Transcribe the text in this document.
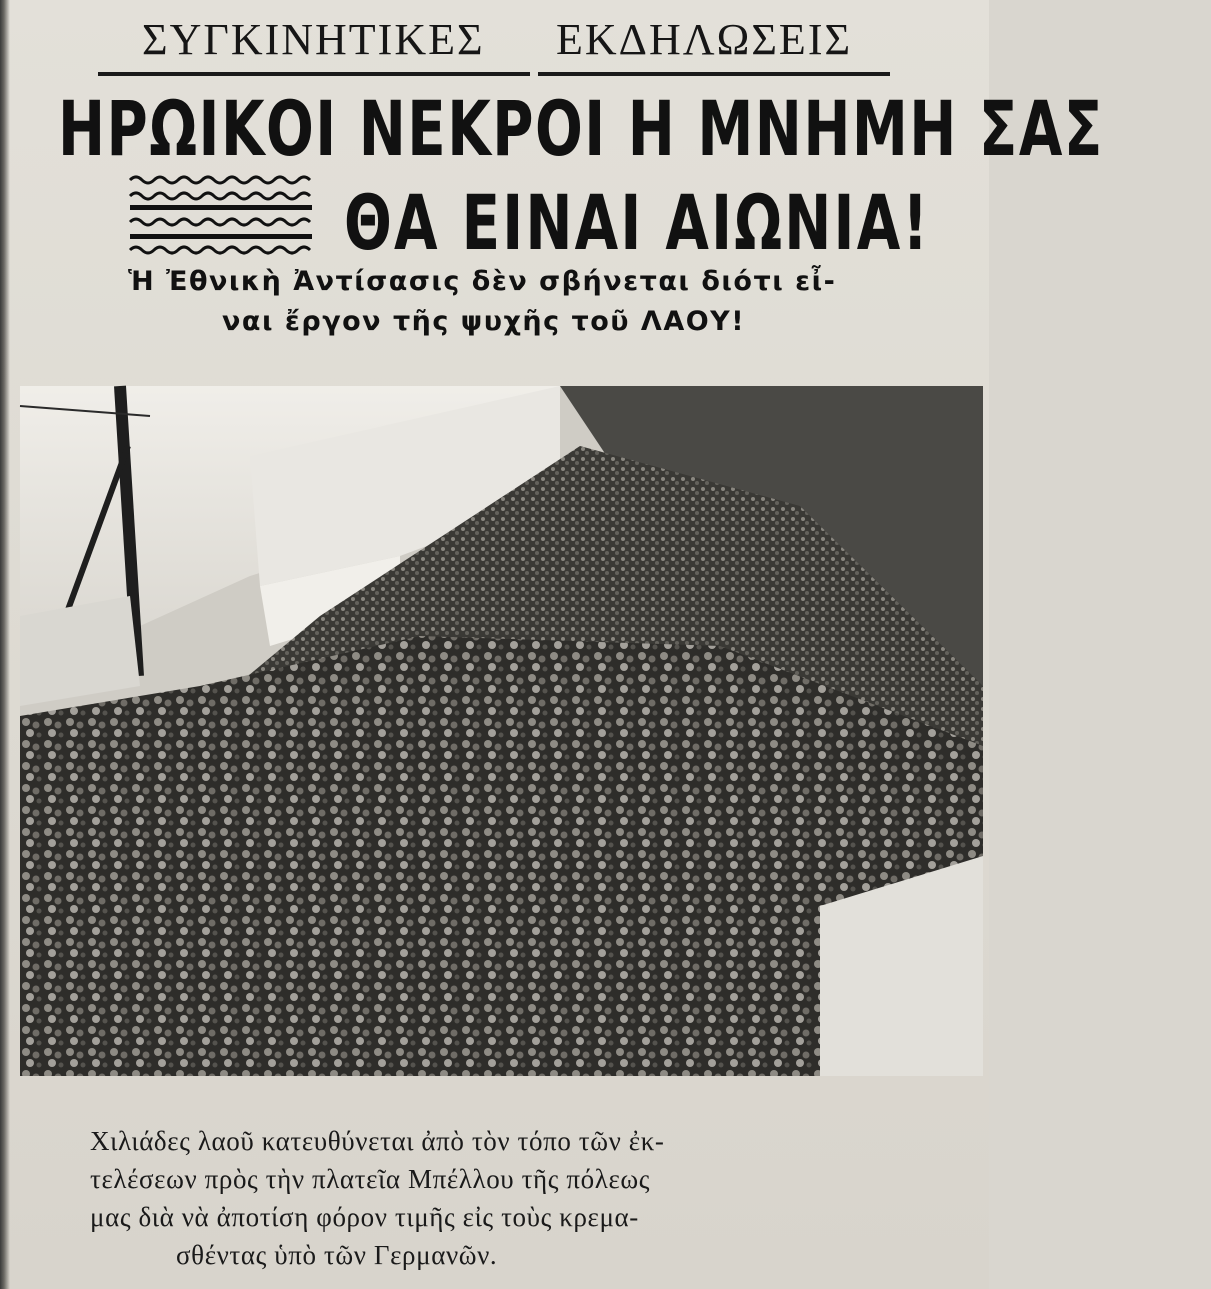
ΣΥΓΚΙΝΗΤΙΚΕΣ ΕΚΔΗΛΩΣΕΙΣ
ΗΡΩΙΚΟΙ ΝΕΚΡΟΙ Η ΜΝΗΜΗ ΣΑΣ
ΘΑ ΕΙΝΑΙ ΑΙΩΝΙΑ!
Ἡ Ἐθνικὴ Ἀντίσασις δὲν σβήνεται διότι εἶ-
ναι ἔργον τῆς ψυχῆς τοῦ ΛΑΟΥ!
Χιλιάδες λαοῦ κατευθύνεται ἀπὸ τὸν τόπο τῶν ἐκ-
τελέσεων πρὸς τὴν πλατεῖα Μπέλλου τῆς πόλεως
μας διὰ νὰ ἀποτίση φόρον τιμῆς εἰς τοὺς κρεμα-
σθέντας ὑπὸ τῶν Γερμανῶν.
